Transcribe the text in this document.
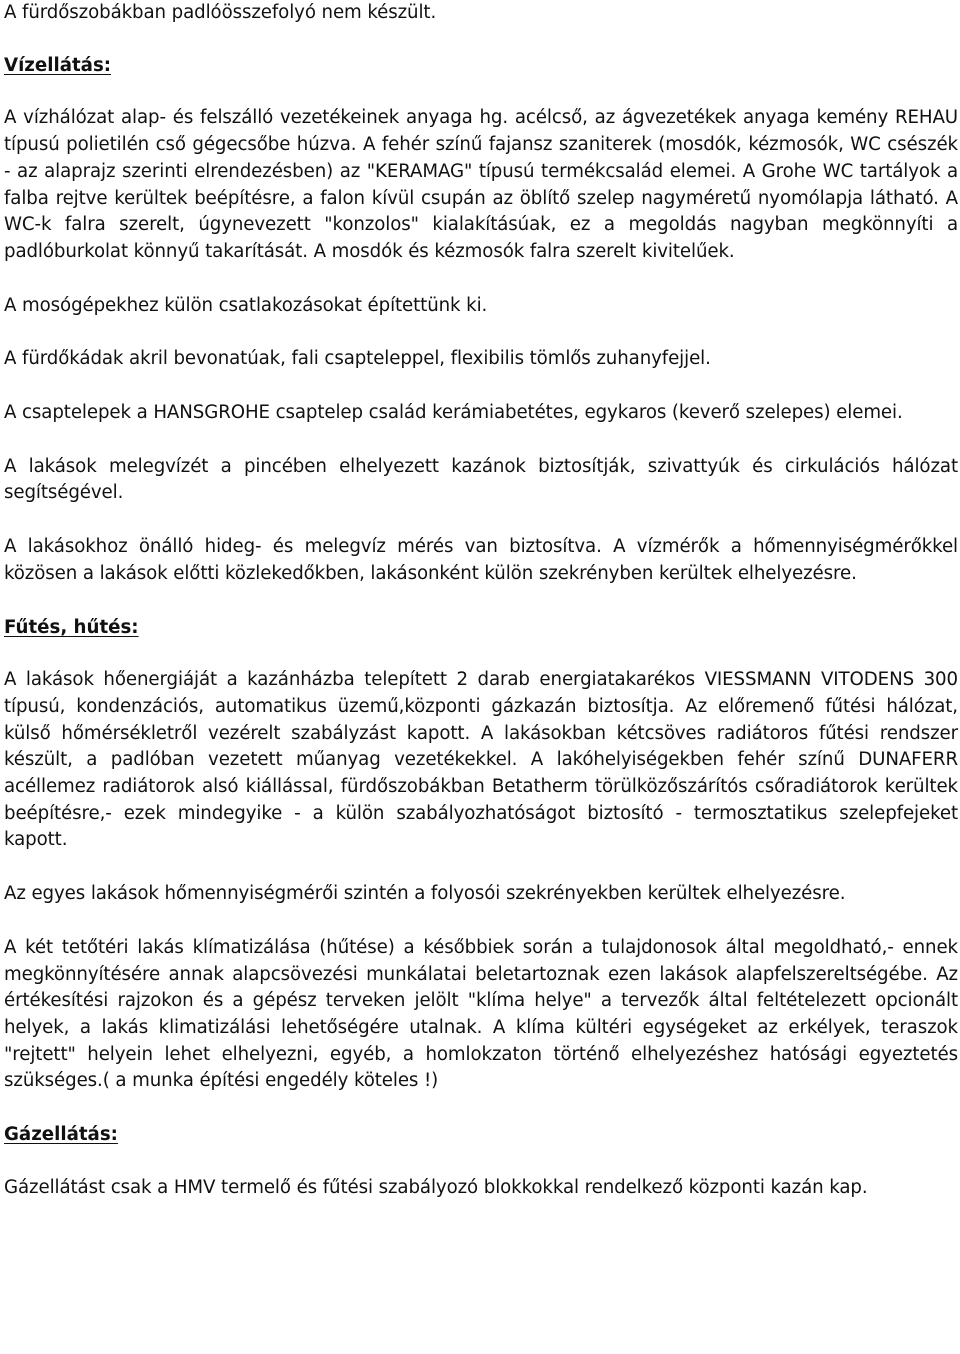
A fürdőszobákban padlóösszefolyó nem készült.

Vízellátás:

A vízhálózat alap- és felszálló vezetékeinek anyaga hg. acélcső, az ágvezetékek anyaga kemény REHAU típusú polietilén cső gégecsőbe húzva. A fehér színű fajansz szaniterek (mosdók, kézmosók, WC csészék - az alaprajz szerinti elrendezésben) az "KERAMAG" típusú termékcsalád elemei. A Grohe WC tartályok a falba rejtve kerültek beépítésre, a falon kívül csupán az öblítő szelep nagyméretű nyomólapja látható. A WC-k falra szerelt, úgynevezett "konzolos" kialakításúak, ez a megoldás nagyban megkönnyíti a padlóburkolat könnyű takarítását. A mosdók és kézmosók falra szerelt kivitelűek.

A mosógépekhez külön csatlakozásokat építettünk ki.

A fürdőkádak akril bevonatúak, fali csapteleppel, flexibilis tömlős zuhanyfejjel.

A csaptelepek a HANSGROHE csaptelep család kerámiabetétes, egykaros (keverő szelepes) elemei.

A lakások melegvízét a pincében elhelyezett kazánok biztosítják, szivattyúk és cirkulációs hálózat segítségével.

A lakásokhoz önálló hideg- és melegvíz mérés van biztosítva. A vízmérők a hőmennyiségmérőkkel közösen a lakások előtti közlekedőkben, lakásonként külön szekrényben kerültek elhelyezésre.

Fűtés, hűtés:

A lakások hőenergiáját a kazánházba telepített 2 darab energiatakarékos VIESSMANN VITODENS 300 típusú, kondenzációs, automatikus üzemű,központi gázkazán biztosítja. Az előremenő fűtési hálózat, külső hőmérsékletről vezérelt szabályzást kapott. A lakásokban kétcsöves radiátoros fűtési rendszer készült, a padlóban vezetett műanyag vezetékekkel. A lakóhelyiségekben fehér színű DUNAFERR acéllemez radiátorok alsó kiállással, fürdőszobákban Betatherm törülközőszárítós csőradiátorok kerültek beépítésre,- ezek mindegyike - a külön szabályozhatóságot biztosító - termosztatikus szelepfejeket kapott.

Az egyes lakások hőmennyiségmérői szintén a folyosói szekrényekben kerültek elhelyezésre.

A két tetőtéri lakás klímatizálása (hűtése) a későbbiek során a tulajdonosok által megoldható,- ennek megkönnyítésére annak alapcsövezési munkálatai beletartoznak ezen lakások alapfelszereltségébe. Az értékesítési rajzokon és a gépész terveken jelölt "klíma helye" a tervezők által feltételezett opcionált helyek, a lakás klimatizálási lehetőségére utalnak. A klíma kültéri egységeket az erkélyek, teraszok "rejtett" helyein lehet elhelyezni, egyéb, a homlokzaton történő elhelyezéshez hatósági egyeztetés szükséges.( a munka építési engedély köteles !)

Gázellátás:

Gázellátást csak a HMV termelő és fűtési szabályozó blokkokkal rendelkező központi kazán kap.
